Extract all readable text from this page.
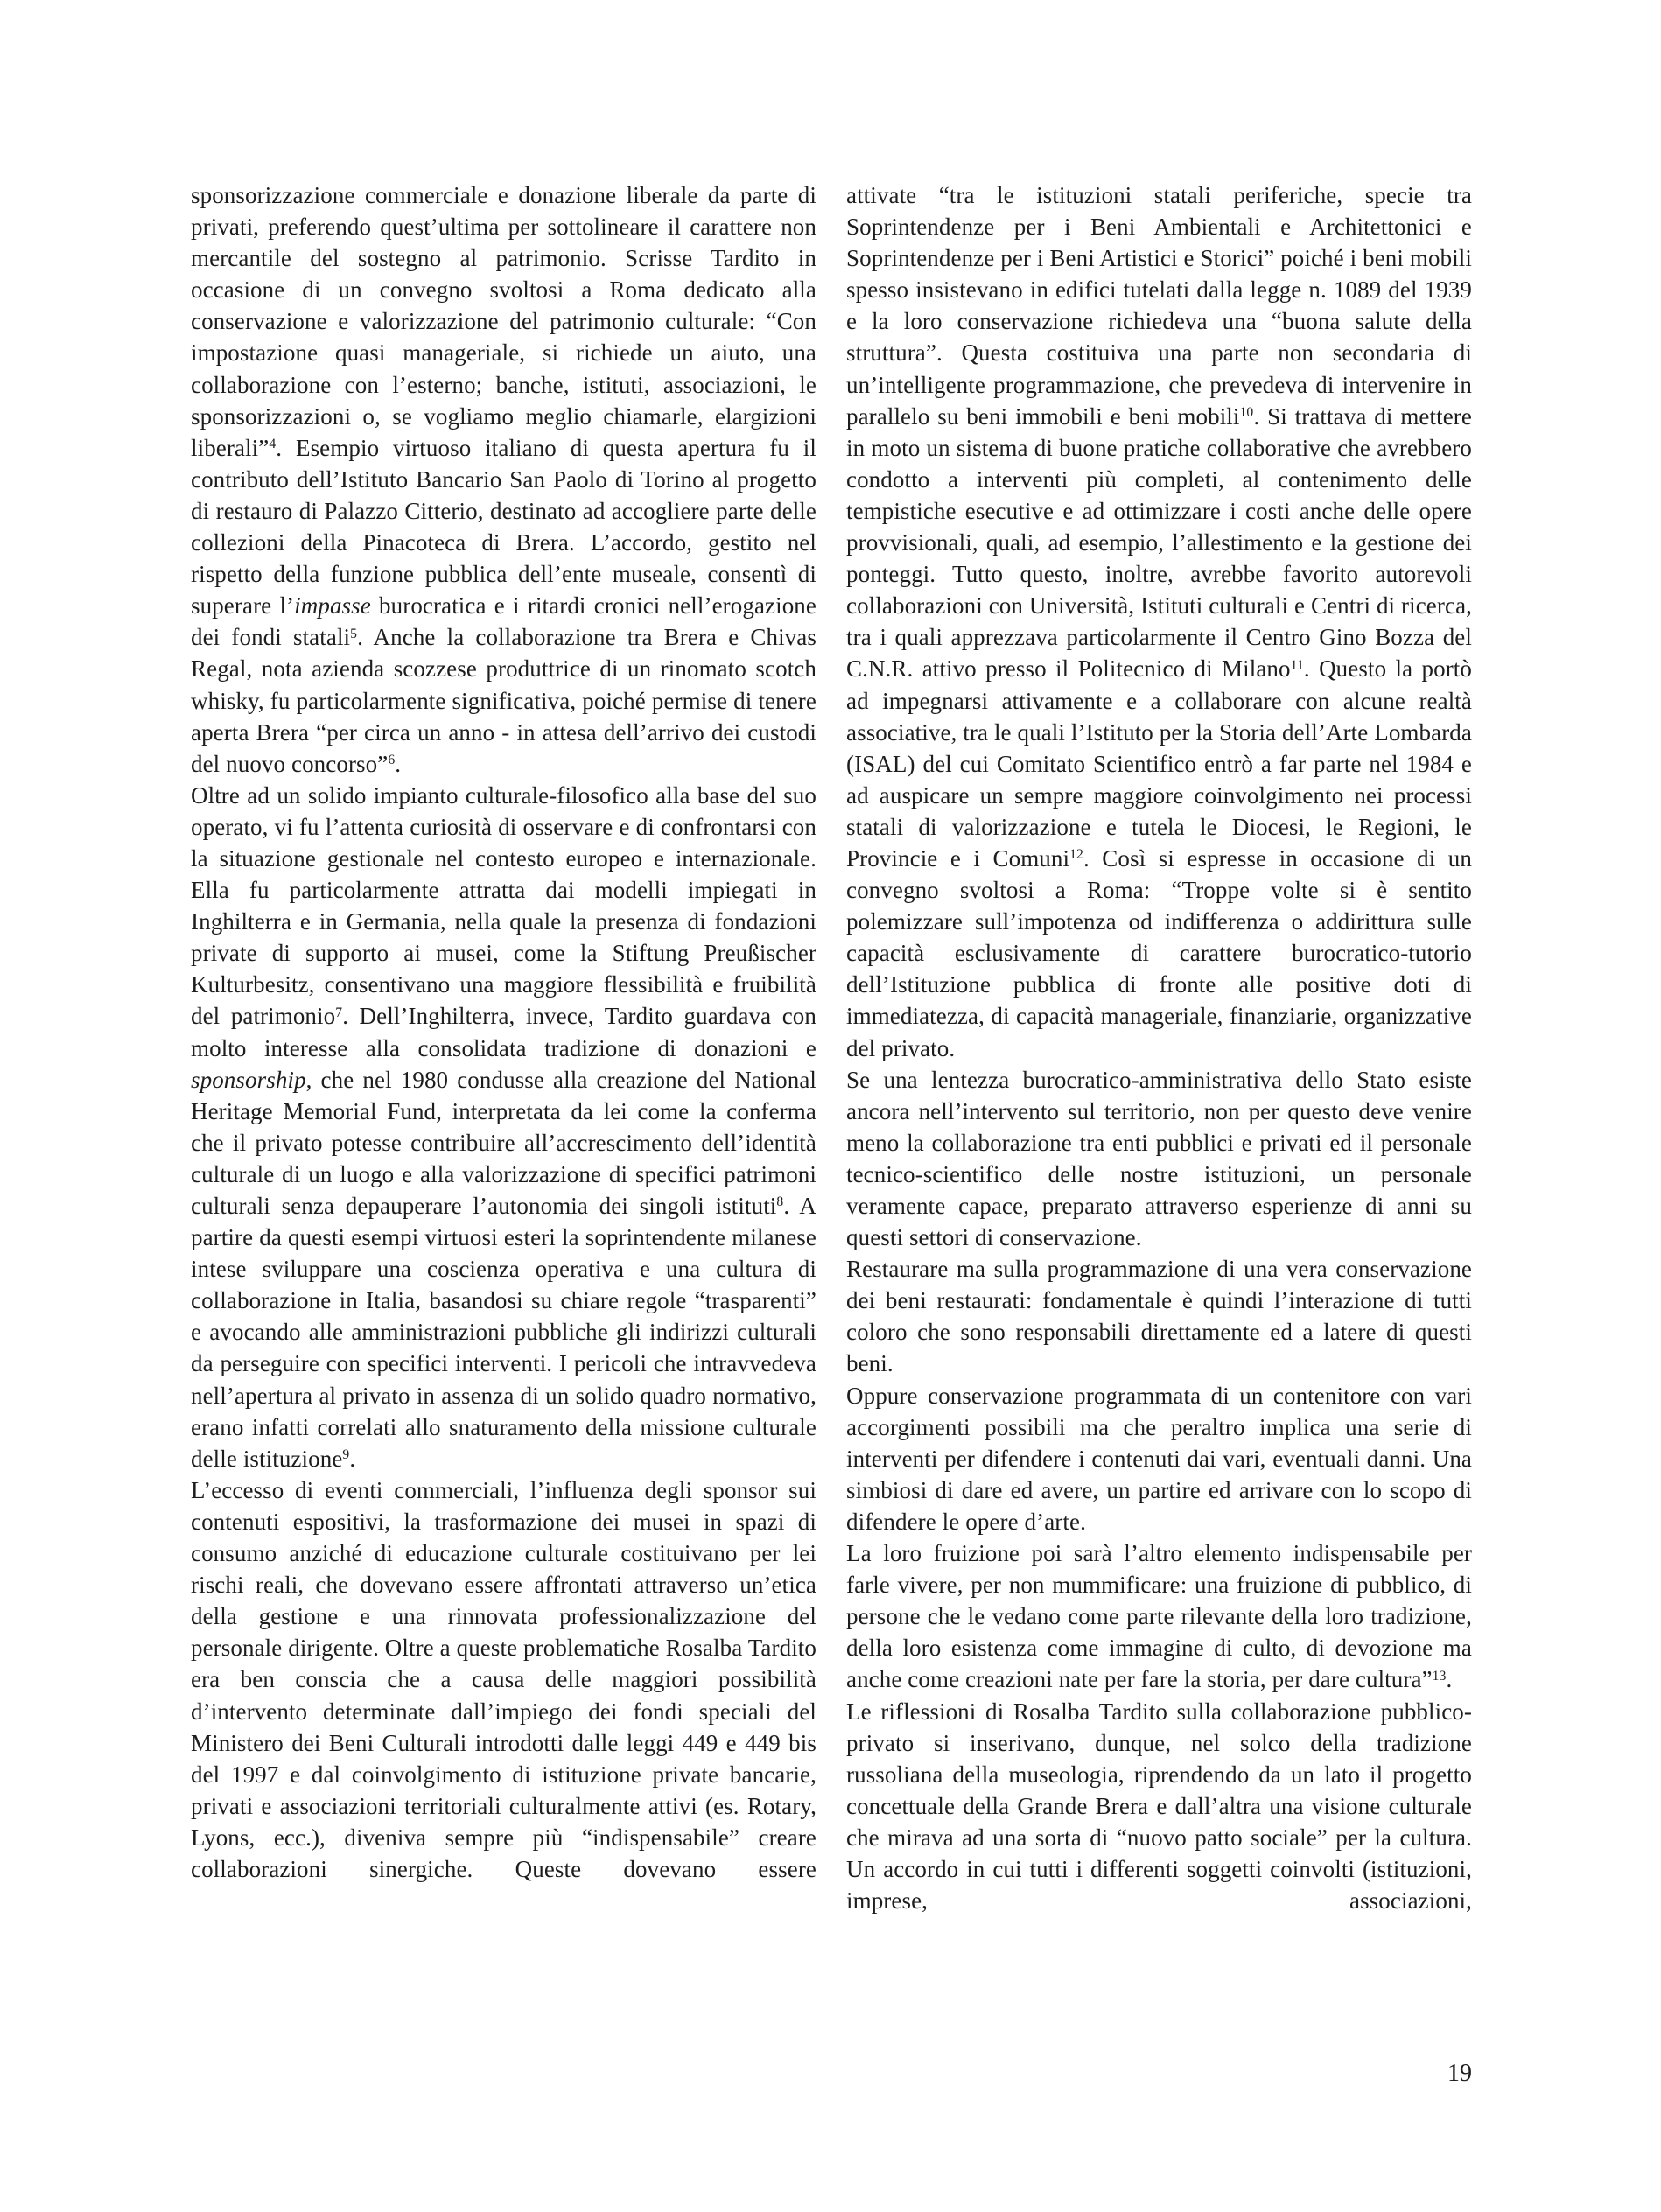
sponsorizzazione commerciale e donazione liberale da parte di privati, preferendo quest’ultima per sottolineare il carattere non mercantile del sostegno al patrimonio. Scrisse Tardito in occasione di un convegno svoltosi a Roma dedicato alla conservazione e valorizzazione del patrimonio culturale: “Con impostazione quasi manageriale, si richiede un aiuto, una collaborazione con l’esterno; banche, istituti, associazioni, le sponsorizzazioni o, se vogliamo meglio chiamarle, elargizioni liberali”$^4$. Esempio virtuoso italiano di questa apertura fu il contributo dell’Istituto Bancario San Paolo di Torino al progetto di restauro di Palazzo Citterio, destinato ad accogliere parte delle collezioni della Pinacoteca di Brera. L’accordo, gestito nel rispetto della funzione pubblica dell’ente museale, consentì di superare l’impasse burocratica e i ritardi cronici nell’erogazione dei fondi statali$^5$. Anche la collaborazione tra Brera e Chivas Regal, nota azienda scozzese produttrice di un rinomato scotch whisky, fu particolarmente significativa, poiché permise di tenere aperta Brera “per circa un anno - in attesa dell’arrivo dei custodi del nuovo concorso”$^6$.

Oltre ad un solido impianto culturale-filosofico alla base del suo operato, vi fu l’attenta curiosità di osservare e di confrontarsi con la situazione gestionale nel contesto europeo e internazionale. Ella fu particolarmente attratta dai modelli impiegati in Inghilterra e in Germania, nella quale la presenza di fondazioni private di supporto ai musei, come la Stiftung Preußischer Kulturbesitz, consentivano una maggiore flessibilità e fruibilità del patrimonio$^7$. Dell’Inghilterra, invece, Tardito guardava con molto interesse alla consolidata tradizione di donazioni e sponsorship, che nel 1980 condusse alla creazione del National Heritage Memorial Fund, interpretata da lei come la conferma che il privato potesse contribuire all’accrescimento dell’identità culturale di un luogo e alla valorizzazione di specifici patrimoni culturali senza depauperare l’autonomia dei singoli istituti$^8$. A partire da questi esempi virtuosi esteri la soprintendente milanese intese sviluppare una coscienza operativa e una cultura di collaborazione in Italia, basandosi su chiare regole “trasparenti” e avocando alle amministrazioni pubbliche gli indirizzi culturali da perseguire con specifici interventi. I pericoli che intravvedeva nell’apertura al privato in assenza di un solido quadro normativo, erano infatti correlati allo snaturamento della missione culturale delle istituzione$^9$.

L’eccesso di eventi commerciali, l’influenza degli sponsor sui contenuti espositivi, la trasformazione dei musei in spazi di consumo anziché di educazione culturale costituivano per lei rischi reali, che dovevano essere affrontati attraverso un’etica della gestione e una rinnovata professionalizzazione del personale dirigente. Oltre a queste problematiche Rosalba Tardito era ben conscia che a causa delle maggiori possibilità d’intervento determinate dall’impiego dei fondi speciali del Ministero dei Beni Culturali introdotti dalle leggi 449 e 449 bis del 1997 e dal coinvolgimento di istituzione private bancarie, privati e associazioni territoriali culturalmente attivi (es. Rotary, Lyons, ecc.), diveniva sempre più “indispensabile” creare collaborazioni sinergiche. Queste dovevano essere

attivate “tra le istituzioni statali periferiche, specie tra Soprintendenze per i Beni Ambientali e Architettonici e Soprintendenze per i Beni Artistici e Storici” poiché i beni mobili spesso insistevano in edifici tutelati dalla legge n. 1089 del 1939 e la loro conservazione richiedeva una “buona salute della struttura”. Questa costituiva una parte non secondaria di un’intelligente programmazione, che prevedeva di intervenire in parallelo su beni immobili e beni mobili$^{10}$. Si trattava di mettere in moto un sistema di buone pratiche collaborative che avrebbero condotto a interventi più completi, al contenimento delle tempistiche esecutive e ad ottimizzare i costi anche delle opere provvisionali, quali, ad esempio, l’allestimento e la gestione dei ponteggi. Tutto questo, inoltre, avrebbe favorito autorevoli collaborazioni con Università, Istituti culturali e Centri di ricerca, tra i quali apprezzava particolarmente il Centro Gino Bozza del C.N.R. attivo presso il Politecnico di Milano$^{11}$. Questo la portò ad impegnarsi attivamente e a collaborare con alcune realtà associative, tra le quali l’Istituto per la Storia dell’Arte Lombarda (ISAL) del cui Comitato Scientifico entrò a far parte nel 1984 e ad auspicare un sempre maggiore coinvolgimento nei processi statali di valorizzazione e tutela le Diocesi, le Regioni, le Provincie e i Comuni$^{12}$. Così si espresse in occasione di un convegno svoltosi a Roma: “Troppe volte si è sentito polemizzare sull’impotenza od indifferenza o addirittura sulle capacità esclusivamente di carattere burocratico-tutorio dell’Istituzione pubblica di fronte alle positive doti di immediatezza, di capacità manageriale, finanziarie, organizzative del privato.

Se una lentezza burocratico-amministrativa dello Stato esiste ancora nell’intervento sul territorio, non per questo deve venire meno la collaborazione tra enti pubblici e privati ed il personale tecnico-scientifico delle nostre istituzioni, un personale veramente capace, preparato attraverso esperienze di anni su questi settori di conservazione.

Restaurare ma sulla programmazione di una vera conservazione dei beni restaurati: fondamentale è quindi l’interazione di tutti coloro che sono responsabili direttamente ed a latere di questi beni.

Oppure conservazione programmata di un contenitore con vari accorgimenti possibili ma che peraltro implica una serie di interventi per difendere i contenuti dai vari, eventuali danni. Una simbiosi di dare ed avere, un partire ed arrivare con lo scopo di difendere le opere d’arte.

La loro fruizione poi sarà l’altro elemento indispensabile per farle vivere, per non mummificare: una fruizione di pubblico, di persone che le vedano come parte rilevante della loro tradizione, della loro esistenza come immagine di culto, di devozione ma anche come creazioni nate per fare la storia, per dare cultura”$^{13}$.

Le riflessioni di Rosalba Tardito sulla collaborazione pubblico-privato si inserivano, dunque, nel solco della tradizione russoliana della museologia, riprendendo da un lato il progetto concettuale della Grande Brera e dall’altra una visione culturale che mirava ad una sorta di “nuovo patto sociale” per la cultura. Un accordo in cui tutti i differenti soggetti coinvolti (istituzioni, imprese, associazioni,

19
